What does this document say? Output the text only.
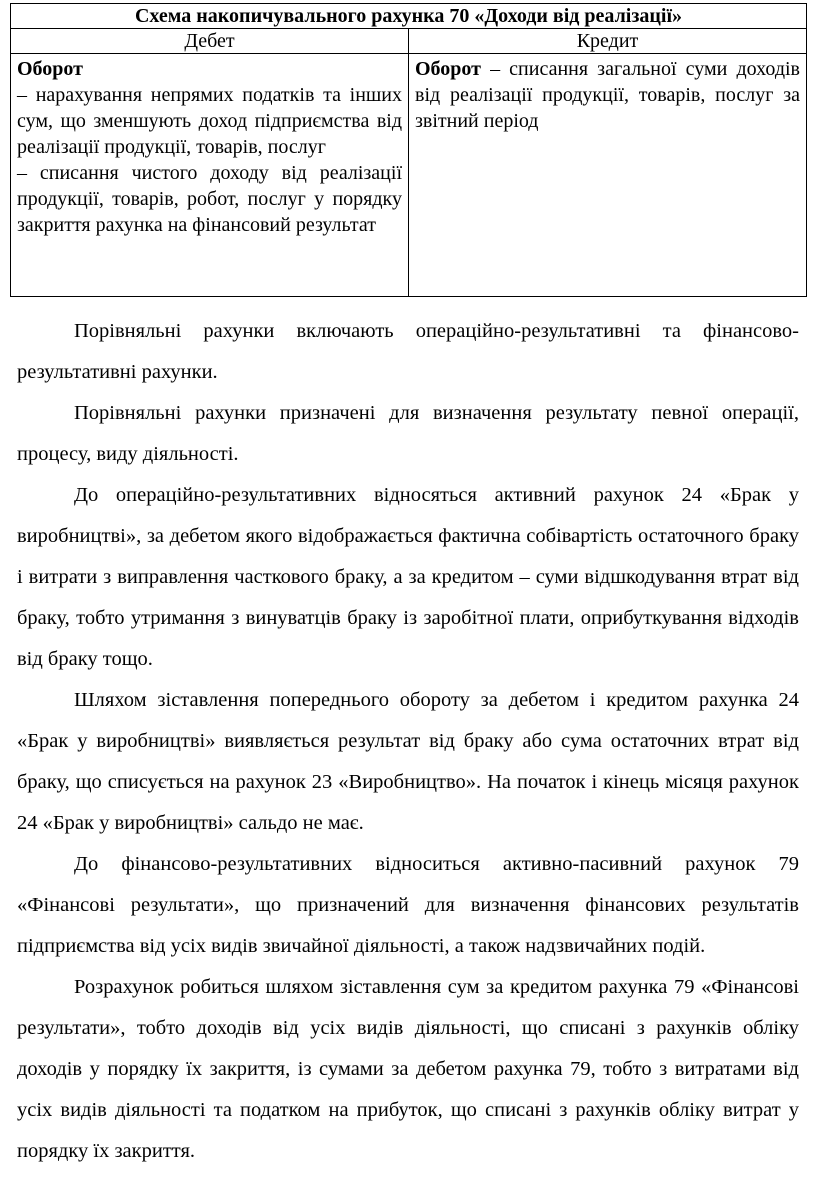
Схема накопичувального рахунка 70 «Доходи від реалізації»	
Дебет	Кредит

Оборот

– нарахування непрямих податків та інших сум, що зменшують доход підприємства від реалізації продукції, товарів, послуг

– списання чистого доходу від реалізації продукції, товарів, робот, послуг у порядку закриття рахунка на фінансовий результат	Оборот – списання загальної суми доходів від реалізації продукції, товарів, послуг за звітний період

Порівняльні рахунки включають операційно-результативні та фінансово- результативні рахунки.

Порівняльні рахунки призначені для визначення результату певної операції, процесу, виду діяльності.

До операційно-результативних відносяться активний рахунок 24 «Брак у виробництві», за дебетом якого відображається фактична собівартість остаточного браку і витрати з виправлення часткового браку, а за кредитом – суми відшкодування втрат від браку, тобто утримання з винуватців браку із заробітної плати, оприбуткування відходів від браку тощо.

Шляхом зіставлення попереднього обороту за дебетом і кредитом рахунка 24 «Брак у виробництві» виявляється результат від браку або сума остаточних втрат від браку, що списується на рахунок 23 «Виробництво». На початок і кінець місяця рахунок 24 «Брак у виробництві» сальдо не має.

До фінансово-результативних відноситься активно-пасивний рахунок 79 «Фінансові результати», що призначений для визначення фінансових результатів підприємства від усіх видів звичайної діяльності, а також надзвичайних подій.

Розрахунок робиться шляхом зіставлення сум за кредитом рахунка 79 «Фінансові результати», тобто доходів від усіх видів діяльності, що списані з рахунків обліку доходів у порядку їх закриття, із сумами за дебетом рахунка 79, тобто з витратами від усіх видів діяльності та податком на прибуток, що списані з рахунків обліку витрат у порядку їх закриття.
